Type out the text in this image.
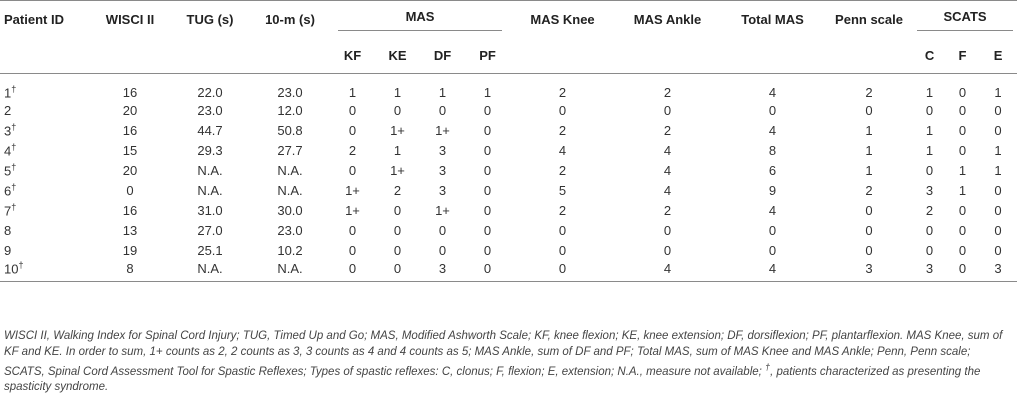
Patient ID	WISCI II	TUG (s)	10-m (s)	MAS				MAS Knee	MAS Ankle	Total MAS	Penn scale	SCATS		
				KF	KE	DF	PF					C	F	E
1†	16	22.0	23.0	1	1	1	1	2	2	4	2	1	0	1
2	20	23.0	12.0	0	0	0	0	0	0	0	0	0	0	0
3†	16	44.7	50.8	0	1+	1+	0	2	2	4	1	1	0	0
4†	15	29.3	27.7	2	1	3	0	4	4	8	1	1	0	1
5†	20	N.A.	N.A.	0	1+	3	0	2	4	6	1	0	1	1
6†	0	N.A.	N.A.	1+	2	3	0	5	4	9	2	3	1	0
7†	16	31.0	30.0	1+	0	1+	0	2	2	4	0	2	0	0
8	13	27.0	23.0	0	0	0	0	0	0	0	0	0	0	0
9	19	25.1	10.2	0	0	0	0	0	0	0	0	0	0	0
10†	8	N.A.	N.A.	0	0	3	0	0	4	4	3	3	0	3
WISCI II, Walking Index for Spinal Cord Injury; TUG, Timed Up and Go; MAS, Modified Ashworth Scale; KF, knee flexion; KE, knee extension; DF, dorsiflexion; PF, plantarflexion. MAS Knee, sum of KF and KE. In order to sum, 1+ counts as 2, 2 counts as 3, 3 counts as 4 and 4 counts as 5; MAS Ankle, sum of DF and PF; Total MAS, sum of MAS Knee and MAS Ankle; Penn, Penn scale; SCATS, Spinal Cord Assessment Tool for Spastic Reflexes; Types of spastic reflexes: C, clonus; F, flexion; E, extension; N.A., measure not available; †, patients characterized as presenting the spasticity syndrome.
